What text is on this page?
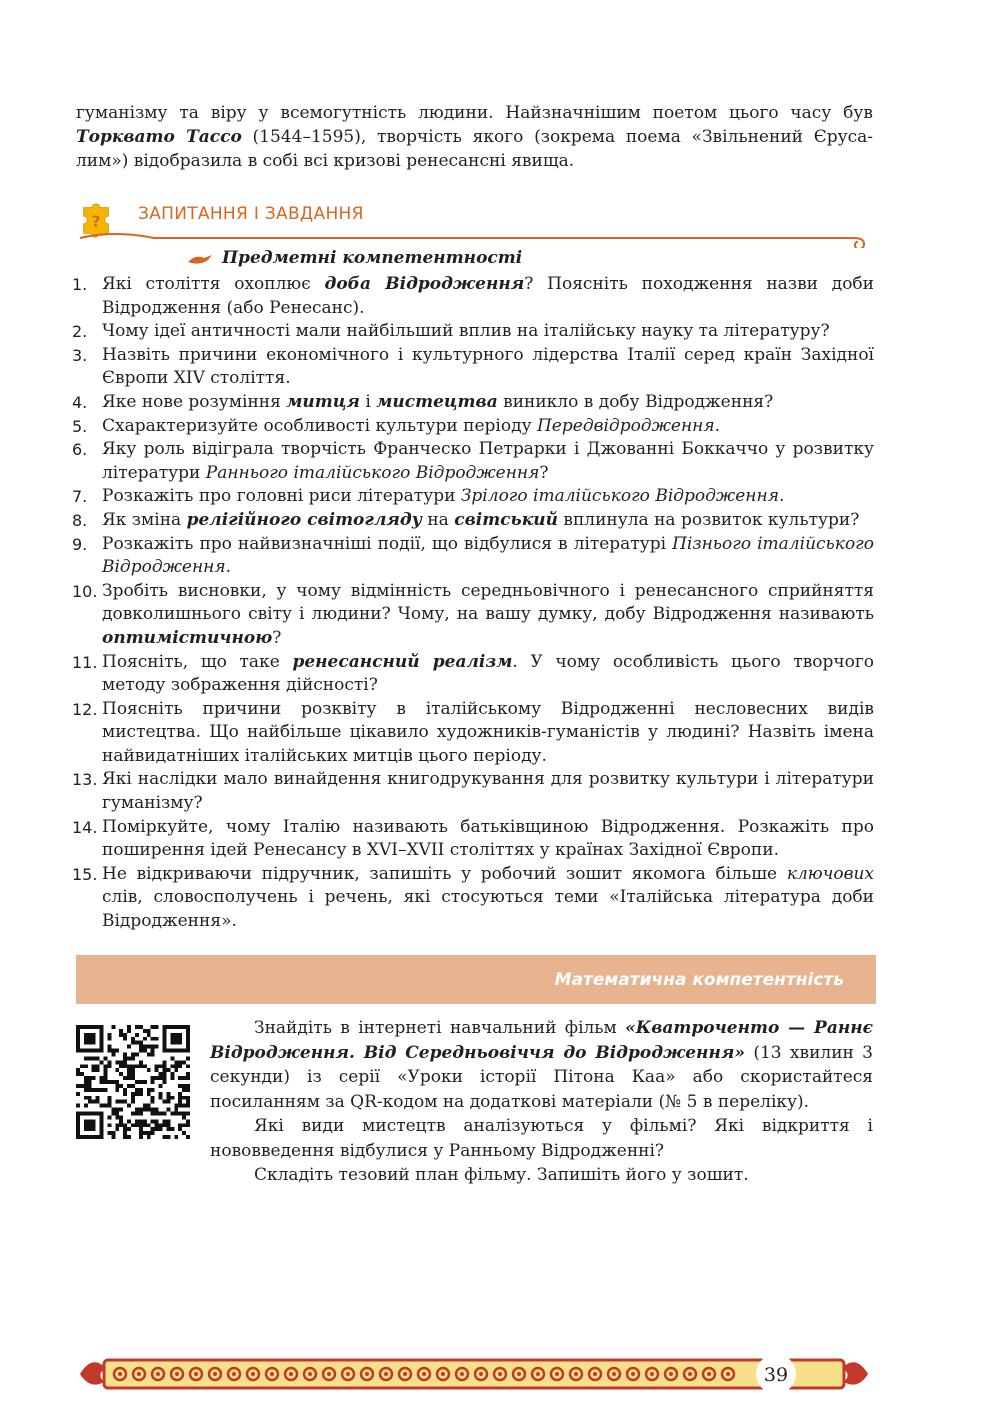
гуманізму та віру у всемогутність людини. Найзначнішим поетом цього часу був Торквато Тассо (1544–1595), творчість якого (зокрема поема «Звільнений Єруса-лим») відобразила в собі всі кризові ренесансні явища.

? ЗАПИТАННЯ І ЗАВДАННЯ
Предметні компетентності
1. Які століття охоплює доба Відродження? Поясніть походження назви доби Відродження (або Ренесанс).
2. Чому ідеї античності мали найбільший вплив на італійську науку та літературу?
3. Назвіть причини економічного і культурного лідерства Італії серед країн Західної Європи XIV століття.
4. Яке нове розуміння митця і мистецтва виникло в добу Відродження?
5. Схарактеризуйте особливості культури періоду Передвідродження.
6. Яку роль відіграла творчість Франческо Петрарки і Джованні Боккаччо у розвитку літератури Раннього італійського Відродження?
7. Розкажіть про головні риси літератури Зрілого італійського Відродження.
8. Як зміна релігійного світогляду на світський вплинула на розвиток культури?
9. Розкажіть про найвизначніші події, що відбулися в літературі Пізнього італійського Відродження.
10. Зробіть висновки, у чому відмінність середньовічного і ренесансного сприйняття довколишнього світу і людини? Чому, на вашу думку, добу Відродження називають оптимістичною?
11. Поясніть, що таке ренесансний реалізм. У чому особливість цього творчого методу зображення дійсності?
12. Поясніть причини розквіту в італійському Відродженні несловесних видів мистецтва. Що найбільше цікавило художників-гуманістів у людині? Назвіть імена найвидатніших італійських митців цього періоду.
13. Які наслідки мало винайдення книгодрукування для розвитку культури і літератури гуманізму?
14. Поміркуйте, чому Італію називають батьківщиною Відродження. Розкажіть про поширення ідей Ренесансу в XVI–XVII століттях у країнах Західної Європи.
15. Не відкриваючи підручник, запишіть у робочий зошит якомога більше ключових слів, словосполучень і речень, які стосуються теми «Італійська література доби Відродження».
Математична компетентність

Знайдіть в інтернеті навчальний фільм «Кватроченто — Раннє Відродження. Від Середньовіччя до Відродження» (13 хвилин 3 секунди) із серії «Уроки історії Пітона Каа» або скористайтеся посиланням за QR-кодом на додаткові матеріали (№ 5 в переліку).

Які види мистецтв аналізуються у фільмі? Які відкриття і нововведення відбулися у Ранньому Відродженні?

Складіть тезовий план фільму. Запишіть його у зошит.

39
